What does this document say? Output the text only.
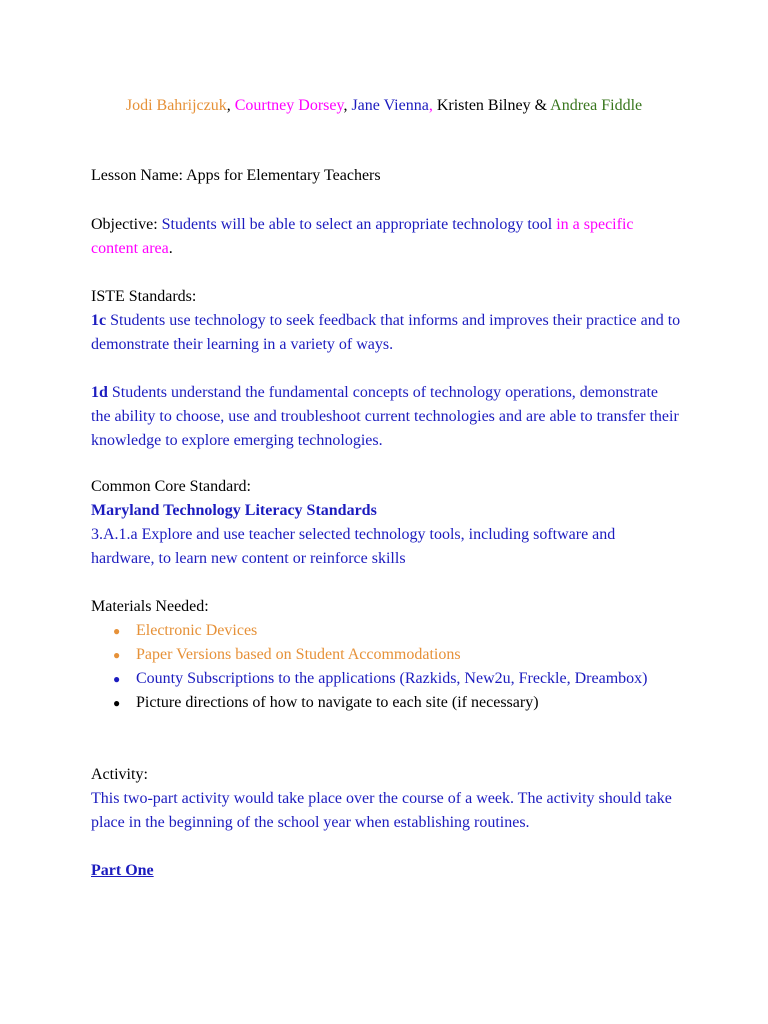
Jodi Bahrijczuk, Courtney Dorsey, Jane Vienna, Kristen Bilney & Andrea Fiddle
Lesson Name: Apps for Elementary Teachers
Objective: Students will be able to select an appropriate technology tool in a specific content area.

ISTE Standards:

1c Students use technology to seek feedback that informs and improves their practice and to demonstrate their learning in a variety of ways.

1d Students understand the fundamental concepts of technology operations, demonstrate the ability to choose, use and troubleshoot current technologies and are able to transfer their knowledge to explore emerging technologies.

Common Core Standard:

Maryland Technology Literacy Standards

3.A.1.a Explore and use teacher selected technology tools, including software and hardware, to learn new content or reinforce skills

Materials Needed:

● Electronic Devices
● Paper Versions based on Student Accommodations
● County Subscriptions to the applications (Razkids, New2u, Freckle, Dreambox)
● Picture directions of how to navigate to each site (if necessary)

Activity:

This two-part activity would take place over the course of a week. The activity should take place in the beginning of the school year when establishing routines.

Part One
